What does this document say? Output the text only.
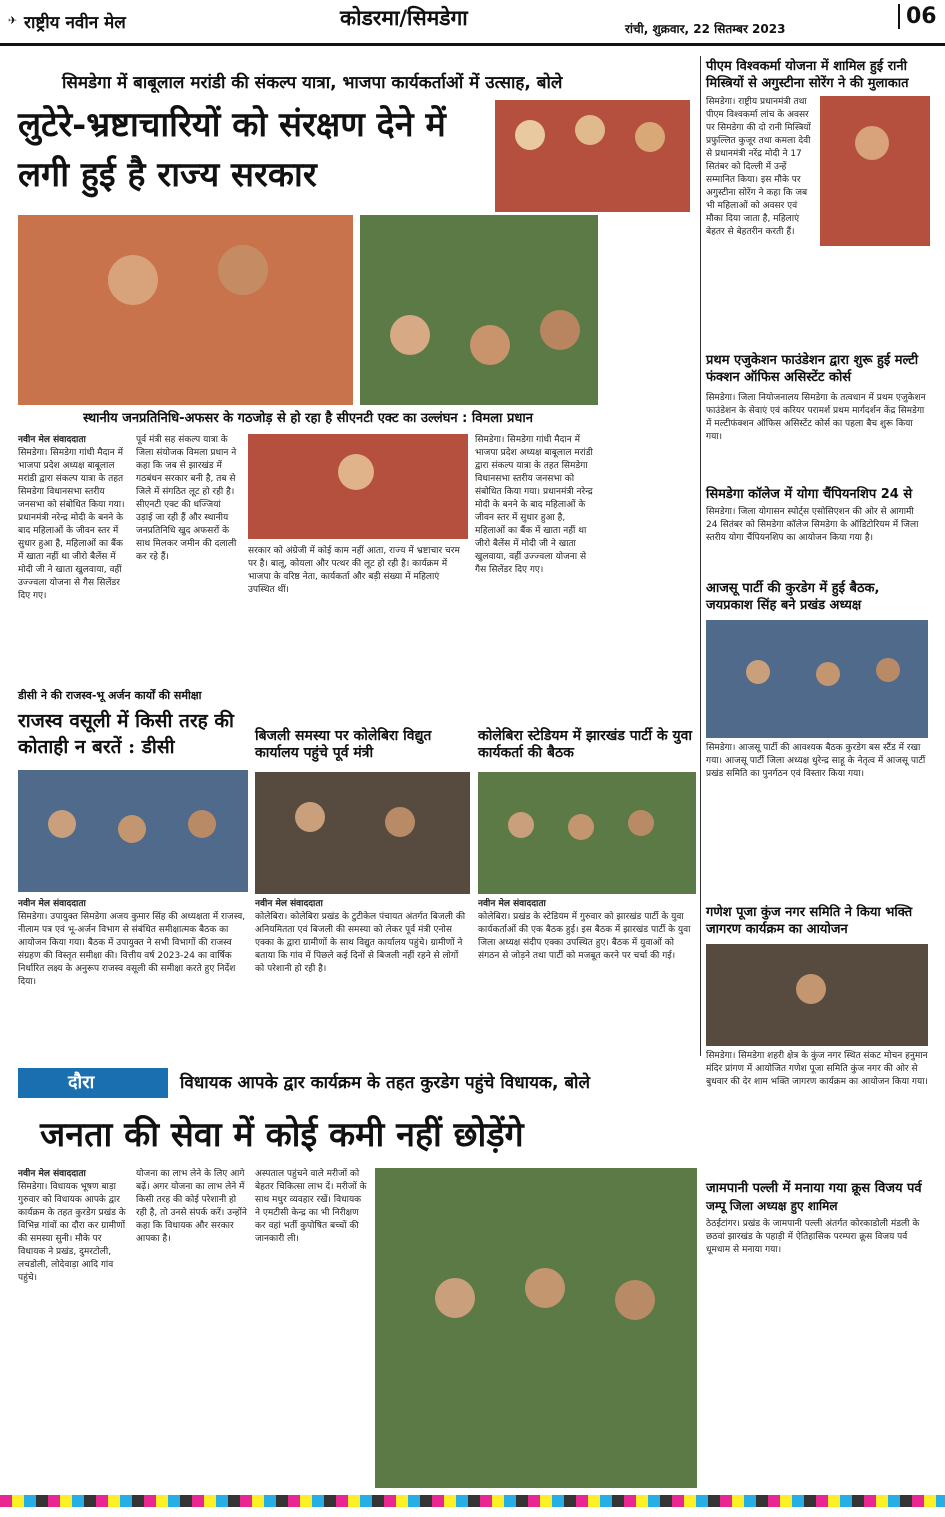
✈ राष्ट्रीय नवीन मेल	कोडरमा/सिमडेगा	रांची, शुक्रवार, 22 सितम्बर 2023	06
सिमडेगा में बाबूलाल मरांडी की संकल्प यात्रा, भाजपा कार्यकर्ताओं में उत्साह, बोले
लुटेरे-भ्रष्टाचारियों को संरक्षण देने में लगी हुई है राज्य सरकार
स्थानीय जनप्रतिनिधि-अफसर के गठजोड़ से हो रहा है सीएनटी एक्ट का उल्लंघन : विमला प्रधान
नवीन मेल संवाददाता
सिमडेगा। सिमडेगा गांधी मैदान में भाजपा प्रदेश अध्यक्ष बाबूलाल मरांडी द्वारा संकल्प यात्रा के तहत सिमडेगा विधानसभा स्तरीय जनसभा को संबोधित किया गया। प्रधानमंत्री नरेन्द्र मोदी के बनने के बाद महिलाओं के जीवन स्तर में सुधार हुआ है, महिलाओं का बैंक में खाता नहीं था जीरो बैलेंस में मोदी जी ने खाता खुलवाया, वहीं उज्ज्वला योजना से गैस सिलेंडर दिए गए।
पूर्व मंत्री सह संकल्प यात्रा के जिला संयोजक विमला प्रधान ने कहा कि जब से झारखंड में गठबंधन सरकार बनी है, तब से जिले में संगठित लूट हो रही है। सीएनटी एक्ट की धज्जियां उड़ाई जा रही हैं और स्थानीय जनप्रतिनिधि खुद अफसरों के साथ मिलकर जमीन की दलाली कर रहे हैं।
सरकार को अंग्रेजी में कोई काम नहीं आता, राज्य में भ्रष्टाचार चरम पर है। बालू, कोयला और पत्थर की लूट हो रही है। कार्यक्रम में भाजपा के वरिष्ठ नेता, कार्यकर्ता और बड़ी संख्या में महिलाएं उपस्थित थीं।
सिमडेगा। सिमडेगा गांधी मैदान में भाजपा प्रदेश अध्यक्ष बाबूलाल मरांडी द्वारा संकल्प यात्रा के तहत सिमडेगा विधानसभा स्तरीय जनसभा को संबोधित किया गया। प्रधानमंत्री नरेन्द्र मोदी के बनने के बाद महिलाओं के जीवन स्तर में सुधार हुआ है, महिलाओं का बैंक में खाता नहीं था जीरो बैलेंस में मोदी जी ने खाता खुलवाया, वहीं उज्ज्वला योजना से गैस सिलेंडर दिए गए।
डीसी ने की राजस्व-भू अर्जन कार्यों की समीक्षा
राजस्व वसूली में किसी तरह की कोताही न बरतें : डीसी
नवीन मेल संवाददाता
सिमडेगा। उपायुक्त सिमडेगा अजय कुमार सिंह की अध्यक्षता में राजस्व, नीलाम पत्र एवं भू-अर्जन विभाग से संबंधित समीक्षात्मक बैठक का आयोजन किया गया। बैठक में उपायुक्त ने सभी विभागों की राजस्व संग्रहण की विस्तृत समीक्षा की। वित्तीय वर्ष 2023-24 का वार्षिक निर्धारित लक्ष्य के अनुरूप राजस्व वसूली की समीक्षा करते हुए निर्देश दिया।
बिजली समस्या पर कोलेबिरा विद्युत कार्यालय पहुंचे पूर्व मंत्री
नवीन मेल संवाददाता
कोलेबिरा। कोलेबिरा प्रखंड के टुटीकेल पंचायत अंतर्गत बिजली की अनियमितता एवं बिजली की समस्या को लेकर पूर्व मंत्री एनोस एक्का के द्वारा ग्रामीणों के साथ विद्युत कार्यालय पहुंचे। ग्रामीणों ने बताया कि गांव में पिछले कई दिनों से बिजली नहीं रहने से लोगों को परेशानी हो रही है।
कोलेबिरा स्टेडियम में झारखंड पार्टी के युवा कार्यकर्ता की बैठक
नवीन मेल संवाददाता
कोलेबिरा। प्रखंड के स्टेडियम में गुरुवार को झारखंड पार्टी के युवा कार्यकर्ताओं की एक बैठक हुई। इस बैठक में झारखंड पार्टी के युवा जिला अध्यक्ष संदीप एक्का उपस्थित हुए। बैठक में युवाओं को संगठन से जोड़ने तथा पार्टी को मजबूत करने पर चर्चा की गई।
पीएम विश्वकर्मा योजना में शामिल हुई रानी मिस्त्रियों से अगुस्टीना सोरेंग ने की मुलाकात
सिमडेगा। राष्ट्रीय प्रधानमंत्री तथा पीएम विश्वकर्मा लांच के अवसर पर सिमडेगा की दो रानी मिस्त्रियों प्रफुल्लित कुजूर तथा कमला देवी से प्रधानमंत्री नरेंद्र मोदी ने 17 सितंबर को दिल्ली में उन्हें सम्मानित किया। इस मौके पर अगुस्टीना सोरेंग ने कहा कि जब भी महिलाओं को अवसर एवं मौका दिया जाता है, महिलाएं बेहतर से बेहतरीन करती हैं।
प्रथम एजुकेशन फाउंडेशन द्वारा शुरू हुई मल्टी फंक्शन ऑफिस असिस्टेंट कोर्स
सिमडेगा। जिला नियोजनालय सिमडेगा के तत्वधान में प्रथम एजुकेशन फाउंडेशन के सेवाएं एवं करियर परामर्श प्रथम मार्गदर्शन केंद्र सिमडेगा में मल्टीफंक्शन ऑफिस असिस्टेंट कोर्स का पहला बैच शुरू किया गया।
सिमडेगा कॉलेज में योगा चैंपियनशिप 24 से
सिमडेगा। जिला योगासन स्पोर्ट्स एसोसिएशन की ओर से आगामी 24 सितंबर को सिमडेगा कॉलेज सिमडेगा के ऑडिटोरियम में जिला स्तरीय योगा चैंपियनशिप का आयोजन किया गया है।
आजसू पार्टी की कुरडेग में हुई बैठक, जयप्रकाश सिंह बने प्रखंड अध्यक्ष
सिमडेगा। आजसू पार्टी की आवश्यक बैठक कुरडेग बस स्टैंड में रखा गया। आजसू पार्टी जिला अध्यक्ष धुरेन्द्र साहू के नेतृत्व में आजसू पार्टी प्रखंड समिति का पुनर्गठन एवं विस्तार किया गया।
गणेश पूजा कुंज नगर समिति ने किया भक्ति जागरण कार्यक्रम का आयोजन
सिमडेगा। सिमडेगा शहरी क्षेत्र के कुंज नगर स्थित संकट मोचन हनुमान मंदिर प्रांगण में आयोजित गणेश पूजा समिति कुंज नगर की ओर से बुधवार की देर शाम भक्ति जागरण कार्यक्रम का आयोजन किया गया।
जामपानी पल्ली में मनाया गया क्रूस विजय पर्व
जम्पू जिला अध्यक्ष हुए शामिल
ठेठईटांगर। प्रखंड के जामपानी पल्ली अंतर्गत कोरकाडोली मंडली के छठवां झारखंड के पहाड़ी में ऐतिहासिक परम्परा क्रूस विजय पर्व धूमधाम से मनाया गया।
दौरा	विधायक आपके द्वार कार्यक्रम के तहत कुरडेग पहुंचे विधायक, बोले
जनता की सेवा में कोई कमी नहीं छोड़ेंगे
नवीन मेल संवाददाता
सिमडेगा। विधायक भूषण बाड़ा गुरुवार को विधायक आपके द्वार कार्यक्रम के तहत कुरडेग प्रखंड के विभिन्न गांवों का दौरा कर ग्रामीणों की समस्या सुनी। मौके पर विधायक ने प्रखंड, दुमरटोली, लचडोली, लोदेवाड़ा आदि गांव पहुंचे।
योजना का लाभ लेने के लिए आगे बढ़ें। अगर योजना का लाभ लेने में किसी तरह की कोई परेशानी हो रही है, तो उनसे संपर्क करें। उन्होंने कहा कि विधायक और सरकार आपका है।
अस्पताल पहुंचने वाले मरीजों को बेहतर चिकित्सा लाभ दें। मरीजों के साथ मधुर व्यवहार रखें। विधायक ने एमटीसी केन्द्र का भी निरीक्षण कर वहां भर्ती कुपोषित बच्चों की जानकारी ली।
